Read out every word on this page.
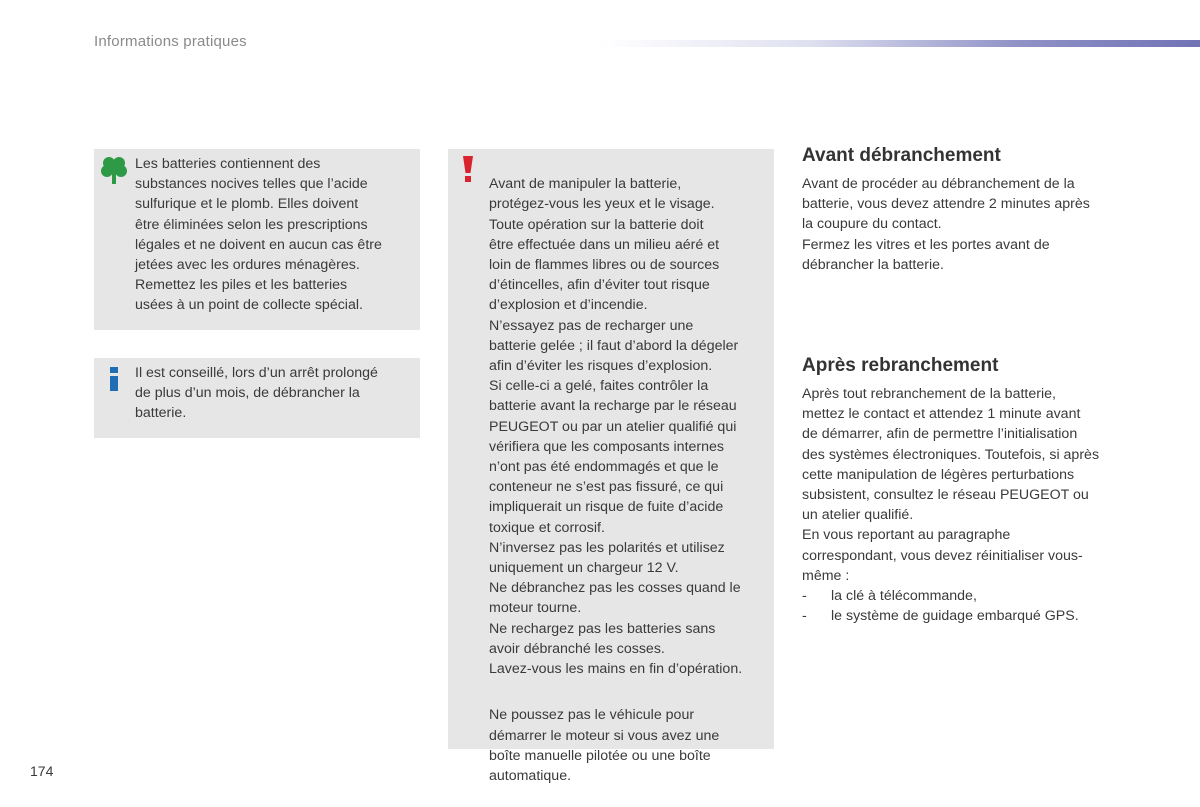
Informations pratiques
Les batteries contiennent des
substances nocives telles que l’acide
sulfurique et le plomb. Elles doivent
être éliminées selon les prescriptions
légales et ne doivent en aucun cas être
jetées avec les ordures ménagères.
Remettez les piles et les batteries
usées à un point de collecte spécial.
Il est conseillé, lors d’un arrêt prolongé
de plus d’un mois, de débrancher la
batterie.

Avant de manipuler la batterie,
protégez-vous les yeux et le visage.
Toute opération sur la batterie doit
être effectuée dans un milieu aéré et
loin de flammes libres ou de sources
d’étincelles, afin d’éviter tout risque
d’explosion et d’incendie.
N’essayez pas de recharger une
batterie gelée ; il faut d’abord la dégeler
afin d’éviter les risques d’explosion.
Si celle-ci a gelé, faites contrôler la
batterie avant la recharge par le réseau
PEUGEOT ou par un atelier qualifié qui
vérifiera que les composants internes
n’ont pas été endommagés et que le
conteneur ne s’est pas fissuré, ce qui
impliquerait un risque de fuite d’acide
toxique et corrosif.
N’inversez pas les polarités et utilisez
uniquement un chargeur 12 V.
Ne débranchez pas les cosses quand le
moteur tourne.
Ne rechargez pas les batteries sans
avoir débranché les cosses.
Lavez-vous les mains en fin d’opération.

Ne poussez pas le véhicule pour
démarrer le moteur si vous avez une
boîte manuelle pilotée ou une boîte
automatique.

Avant débranchement
Avant de procéder au débranchement de la
batterie, vous devez attendre 2 minutes après
la coupure du contact.
Fermez les vitres et les portes avant de
débrancher la batterie.
Après rebranchement
Après tout rebranchement de la batterie,
mettez le contact et attendez 1 minute avant
de démarrer, afin de permettre l’initialisation
des systèmes électroniques. Toutefois, si après
cette manipulation de légères perturbations
subsistent, consultez le réseau PEUGEOT ou
un atelier qualifié.
En vous reportant au paragraphe
correspondant, vous devez réinitialiser vous-
même :
- la clé à télécommande,
- le système de guidage embarqué GPS.
174
